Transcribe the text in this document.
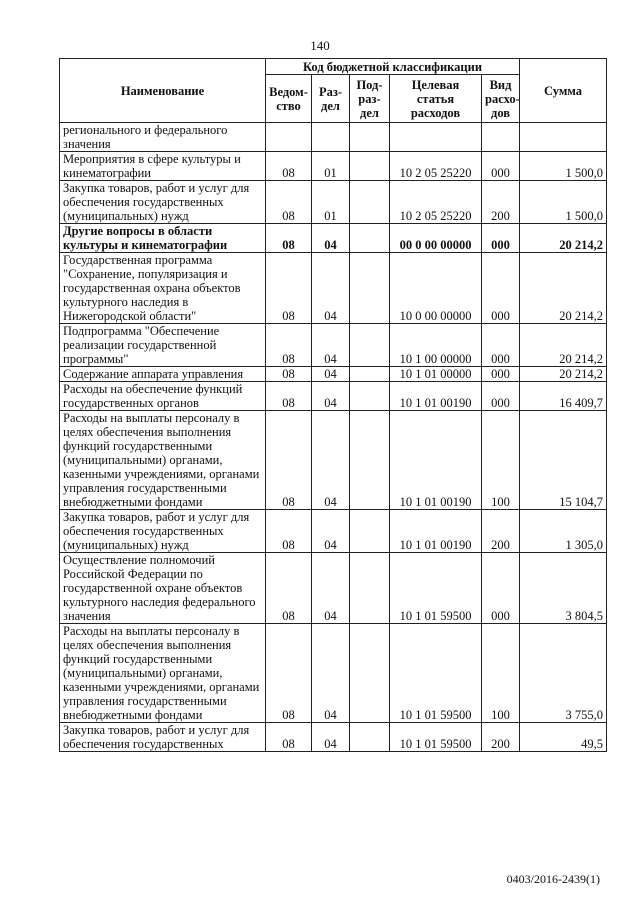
140
Наименование	Код бюджетной классификации					Сумма
	Ведом-ство	Раз-дел	Под-раз-дел	Целевая статья расходов	Вид расхо-дов	
регионального и федерального значения						
Мероприятия в сфере культуры и кинематографии	08	01		10 2 05 25220	000	1 500,0
Закупка товаров, работ и услуг для обеспечения государственных (муниципальных) нужд	08	01		10 2 05 25220	200	1 500,0
Другие вопросы в области культуры и кинематографии	08	04		00 0 00 00000	000	20 214,2
Государственная программа "Сохранение, популяризация и государственная охрана объектов культурного наследия в Нижегородской области"	08	04		10 0 00 00000	000	20 214,2
Подпрограмма "Обеспечение реализации государственной программы"	08	04		10 1 00 00000	000	20 214,2
Содержание аппарата управления	08	04		10 1 01 00000	000	20 214,2
Расходы на обеспечение функций государственных органов	08	04		10 1 01 00190	000	16 409,7
Расходы на выплаты персоналу в целях обеспечения выполнения функций государственными (муниципальными) органами, казенными учреждениями, органами управления государственными внебюджетными фондами	08	04		10 1 01 00190	100	15 104,7
Закупка товаров, работ и услуг для обеспечения государственных (муниципальных) нужд	08	04		10 1 01 00190	200	1 305,0
Осуществление полномочий Российской Федерации по государственной охране объектов культурного наследия федерального значения	08	04		10 1 01 59500	000	3 804,5
Расходы на выплаты персоналу в целях обеспечения выполнения функций государственными (муниципальными) органами, казенными учреждениями, органами управления государственными внебюджетными фондами	08	04		10 1 01 59500	100	3 755,0
Закупка товаров, работ и услуг для обеспечения государственных	08	04		10 1 01 59500	200	49,5
0403/2016-2439(1)
